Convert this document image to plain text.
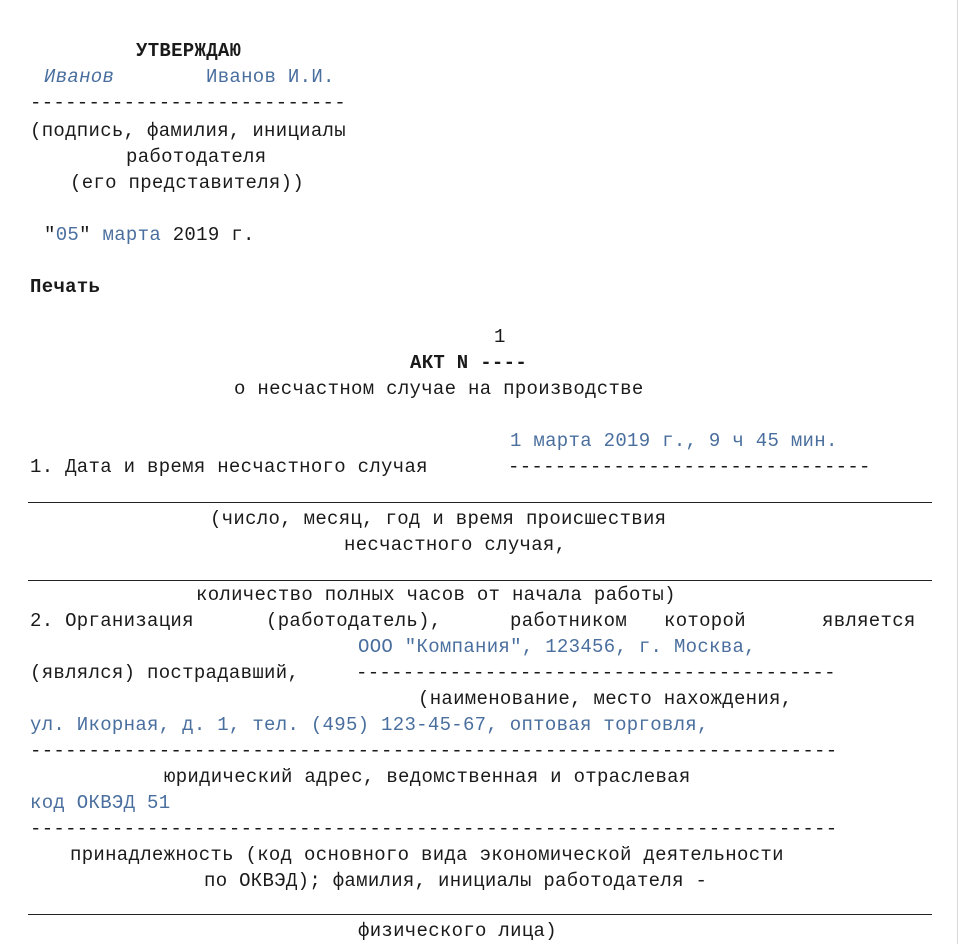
УТВЕРЖДАЮ
Иванов	Иванов И.И.
---------------------------
(подпись, фамилия, инициалы
работодателя
(его представителя))
"05" марта 2019 г.
Печать
1
АКТ N ----
о несчастном случае на производстве
1 марта 2019 г., 9 ч 45 мин.
1. Дата и время несчастного случая	-------------------------------
(число, месяц, год и время происшествия
несчастного случая,
количество полных часов от начала работы)
2. Организация	(работодатель),	работником которой	является
ООО "Компания", 123456, г. Москва,
(являлся) пострадавший,	-----------------------------------------
(наименование, место нахождения,
ул. Икорная, д. 1, тел. (495) 123-45-67, оптовая торговля,
---------------------------------------------------------------------
юридический адрес, ведомственная и отраслевая
код ОКВЭД 51
---------------------------------------------------------------------
принадлежность (код основного вида экономической деятельности
по ОКВЭД); фамилия, инициалы работодателя -
физического лица)
